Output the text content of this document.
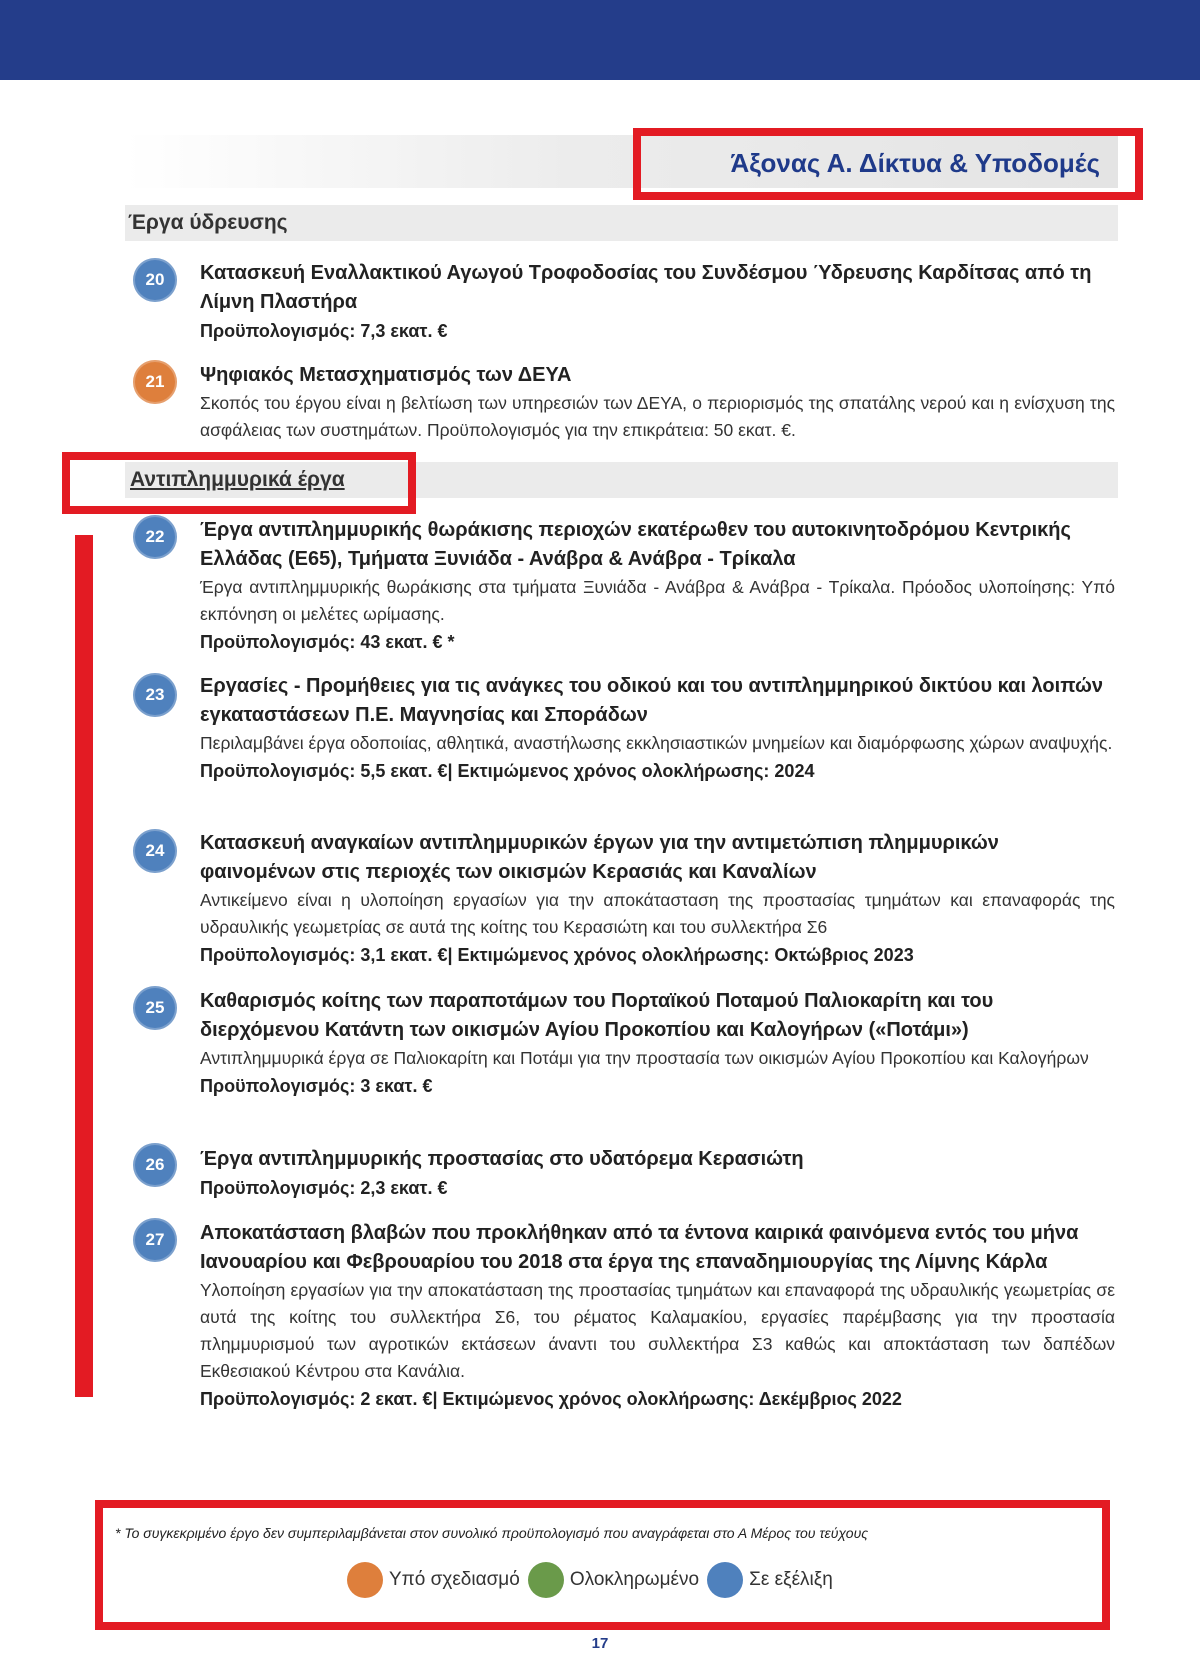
Άξονας Α. Δίκτυα & Υποδομές
Έργα ύδρευσης
20	Κατασκευή Εναλλακτικού Αγωγού Τροφοδοσίας του Συνδέσμου Ύδρευσης Καρδίτσας από τη Λίμνη Πλαστήρα
Προϋπολογισμός: 7,3 εκατ. €
21	Ψηφιακός Μετασχηματισμός των ΔΕΥΑ
Σκοπός του έργου είναι η βελτίωση των υπηρεσιών των ΔΕΥΑ, ο περιορισμός της σπατάλης νερού και η ενίσχυση της ασφάλειας των συστημάτων. Προϋπολογισμός για την επικράτεια: 50 εκατ. €.
Αντιπλημμυρικά έργα
22	Έργα αντιπλημμυρικής θωράκισης περιοχών εκατέρωθεν του αυτοκινητοδρόμου Κεντρικής Ελλάδας (Ε65), Τμήματα Ξυνιάδα - Ανάβρα & Ανάβρα - Τρίκαλα
Έργα αντιπλημμυρικής θωράκισης στα τμήματα Ξυνιάδα - Ανάβρα & Ανάβρα - Τρίκαλα. Πρόοδος υλοποίησης: Υπό εκπόνηση οι μελέτες ωρίμασης.
Προϋπολογισμός: 43 εκατ. € *
23	Εργασίες - Προμήθειες για τις ανάγκες του οδικού και του αντιπλημμηρικού δικτύου και λοιπών εγκαταστάσεων Π.Ε. Μαγνησίας και Σποράδων
Περιλαμβάνει έργα οδοποιίας, αθλητικά, αναστήλωσης εκκλησιαστικών μνημείων και διαμόρφωσης χώρων αναψυχής.
Προϋπολογισμός: 5,5 εκατ. €| Εκτιμώμενος χρόνος ολοκλήρωσης: 2024
24	Κατασκευή αναγκαίων αντιπλημμυρικών έργων για την αντιμετώπιση πλημμυρικών φαινομένων στις περιοχές των οικισμών Κερασιάς και Καναλίων
Αντικείμενο είναι η υλοποίηση εργασίων για την αποκάτασταση της προστασίας τμημάτων και επαναφοράς της υδραυλικής γεωμετρίας σε αυτά της κοίτης του Κερασιώτη και του συλλεκτήρα Σ6
Προϋπολογισμός: 3,1 εκατ. €| Εκτιμώμενος χρόνος ολοκλήρωσης: Οκτώβριος 2023
25	Καθαρισμός κοίτης των παραποτάμων του Πορταϊκού Ποταμού Παλιοκαρίτη και του διερχόμενου Κατάντη των οικισμών Αγίου Προκοπίου και Καλογήρων («Ποτάμι»)
Αντιπλημμυρικά έργα σε Παλιοκαρίτη και Ποτάμι για την προστασία των οικισμών Αγίου Προκοπίου και Καλογήρων
Προϋπολογισμός: 3 εκατ. €
26	Έργα αντιπλημμυρικής προστασίας στο υδατόρεμα Κερασιώτη
Προϋπολογισμός: 2,3 εκατ. €
27	Αποκατάσταση βλαβών που προκλήθηκαν από τα έντονα καιρικά φαινόμενα εντός του μήνα Ιανουαρίου και Φεβρουαρίου του 2018 στα έργα της επαναδημιουργίας της Λίμνης Κάρλα
Υλοποίηση εργασίων για την αποκατάσταση της προστασίας τμημάτων και επαναφορά της υδραυλικής γεωμετρίας σε αυτά της κοίτης του συλλεκτήρα Σ6, του ρέματος Καλαμακίου, εργασίες παρέμβασης για την προστασία πλημμυρισμού των αγροτικών εκτάσεων άναντι του συλλεκτήρα Σ3 καθώς και αποκτάσταση των δαπέδων Εκθεσιακού Κέντρου στα Κανάλια.
Προϋπολογισμός: 2 εκατ. €| Εκτιμώμενος χρόνος ολοκλήρωσης: Δεκέμβριος 2022
* Το συγκεκριμένο έργο δεν συμπεριλαμβάνεται στον συνολικό προϋπολογισμό που αναγράφεται στο Α Μέρος του τεύχους
Υπό σχεδιασμό	Ολοκληρωμένο	Σε εξέλιξη
17
